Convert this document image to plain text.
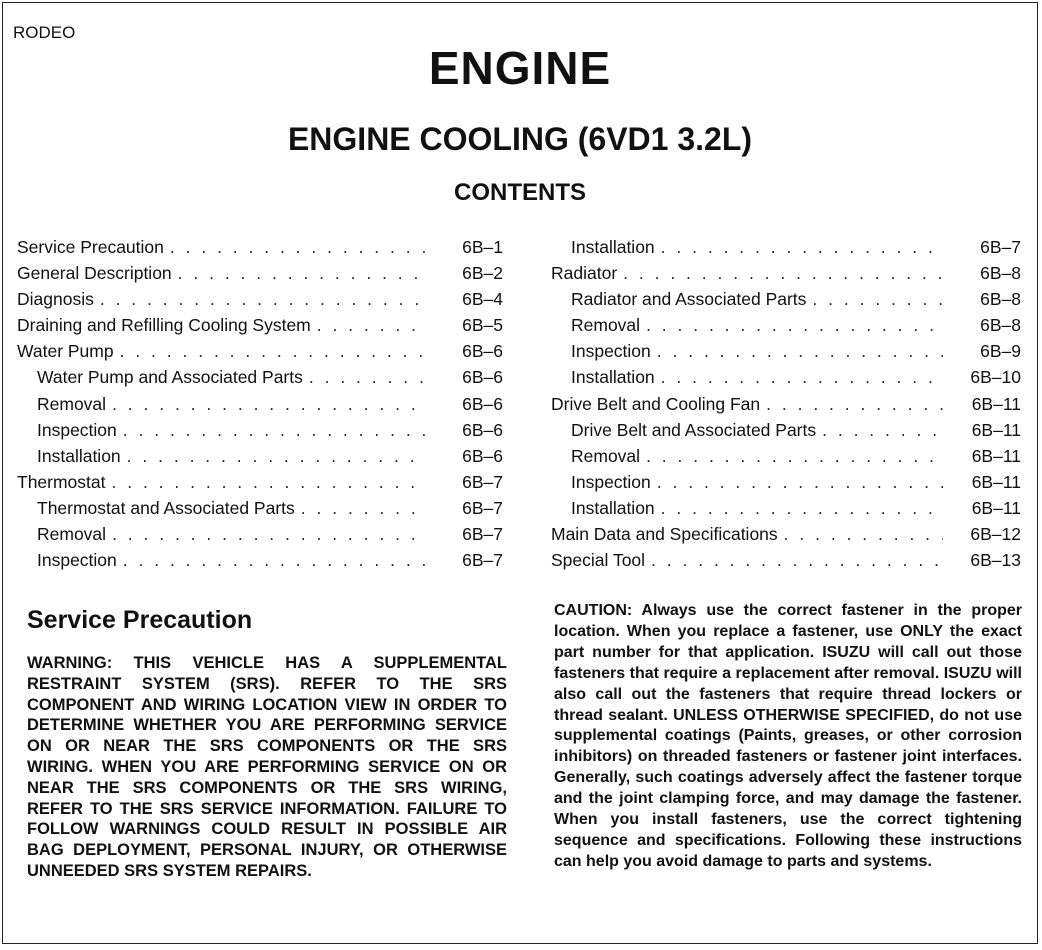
RODEO
ENGINE
ENGINE COOLING (6VD1 3.2L)
CONTENTS
Service Precaution . . .	6B–1
General Description . . .	6B–2
Diagnosis . . .	6B–4
Draining and Refilling Cooling System . . .	6B–5
Water Pump . . .	6B–6
Water Pump and Associated Parts . . .	6B–6
Removal . . .	6B–6
Inspection . . .	6B–6
Installation . . .	6B–6
Thermostat . . .	6B–7
Thermostat and Associated Parts . . .	6B–7
Removal . . .	6B–7
Inspection . . .	6B–7
Installation . . .	6B–7
Radiator . . .	6B–8
Radiator and Associated Parts . . .	6B–8
Removal . . .	6B–8
Inspection . . .	6B–9
Installation . . .	6B–10
Drive Belt and Cooling Fan . . .	6B–11
Drive Belt and Associated Parts . . .	6B–11
Removal . . .	6B–11
Inspection . . .	6B–11
Installation . . .	6B–11
Main Data and Specifications . . .	6B–12
Special Tool . . .	6B–13
Service Precaution
WARNING: THIS VEHICLE HAS A SUPPLEMENTAL RESTRAINT SYSTEM (SRS). REFER TO THE SRS COMPONENT AND WIRING LOCATION VIEW IN ORDER TO DETERMINE WHETHER YOU ARE PERFORMING SERVICE ON OR NEAR THE SRS COMPONENTS OR THE SRS WIRING. WHEN YOU ARE PERFORMING SERVICE ON OR NEAR THE SRS COMPONENTS OR THE SRS WIRING, REFER TO THE SRS SERVICE INFORMATION. FAILURE TO FOLLOW WARNINGS COULD RESULT IN POSSIBLE AIR BAG DEPLOYMENT, PERSONAL INJURY, OR OTHERWISE UNNEEDED SRS SYSTEM REPAIRS.
CAUTION: Always use the correct fastener in the proper location. When you replace a fastener, use ONLY the exact part number for that application. ISUZU will call out those fasteners that require a replacement after removal. ISUZU will also call out the fasteners that require thread lockers or thread sealant. UNLESS OTHERWISE SPECIFIED, do not use supplemental coatings (Paints, greases, or other corrosion inhibitors) on threaded fasteners or fastener joint interfaces. Generally, such coatings adversely affect the fastener torque and the joint clamping force, and may damage the fastener. When you install fasteners, use the correct tightening sequence and specifications. Following these instructions can help you avoid damage to parts and systems.
